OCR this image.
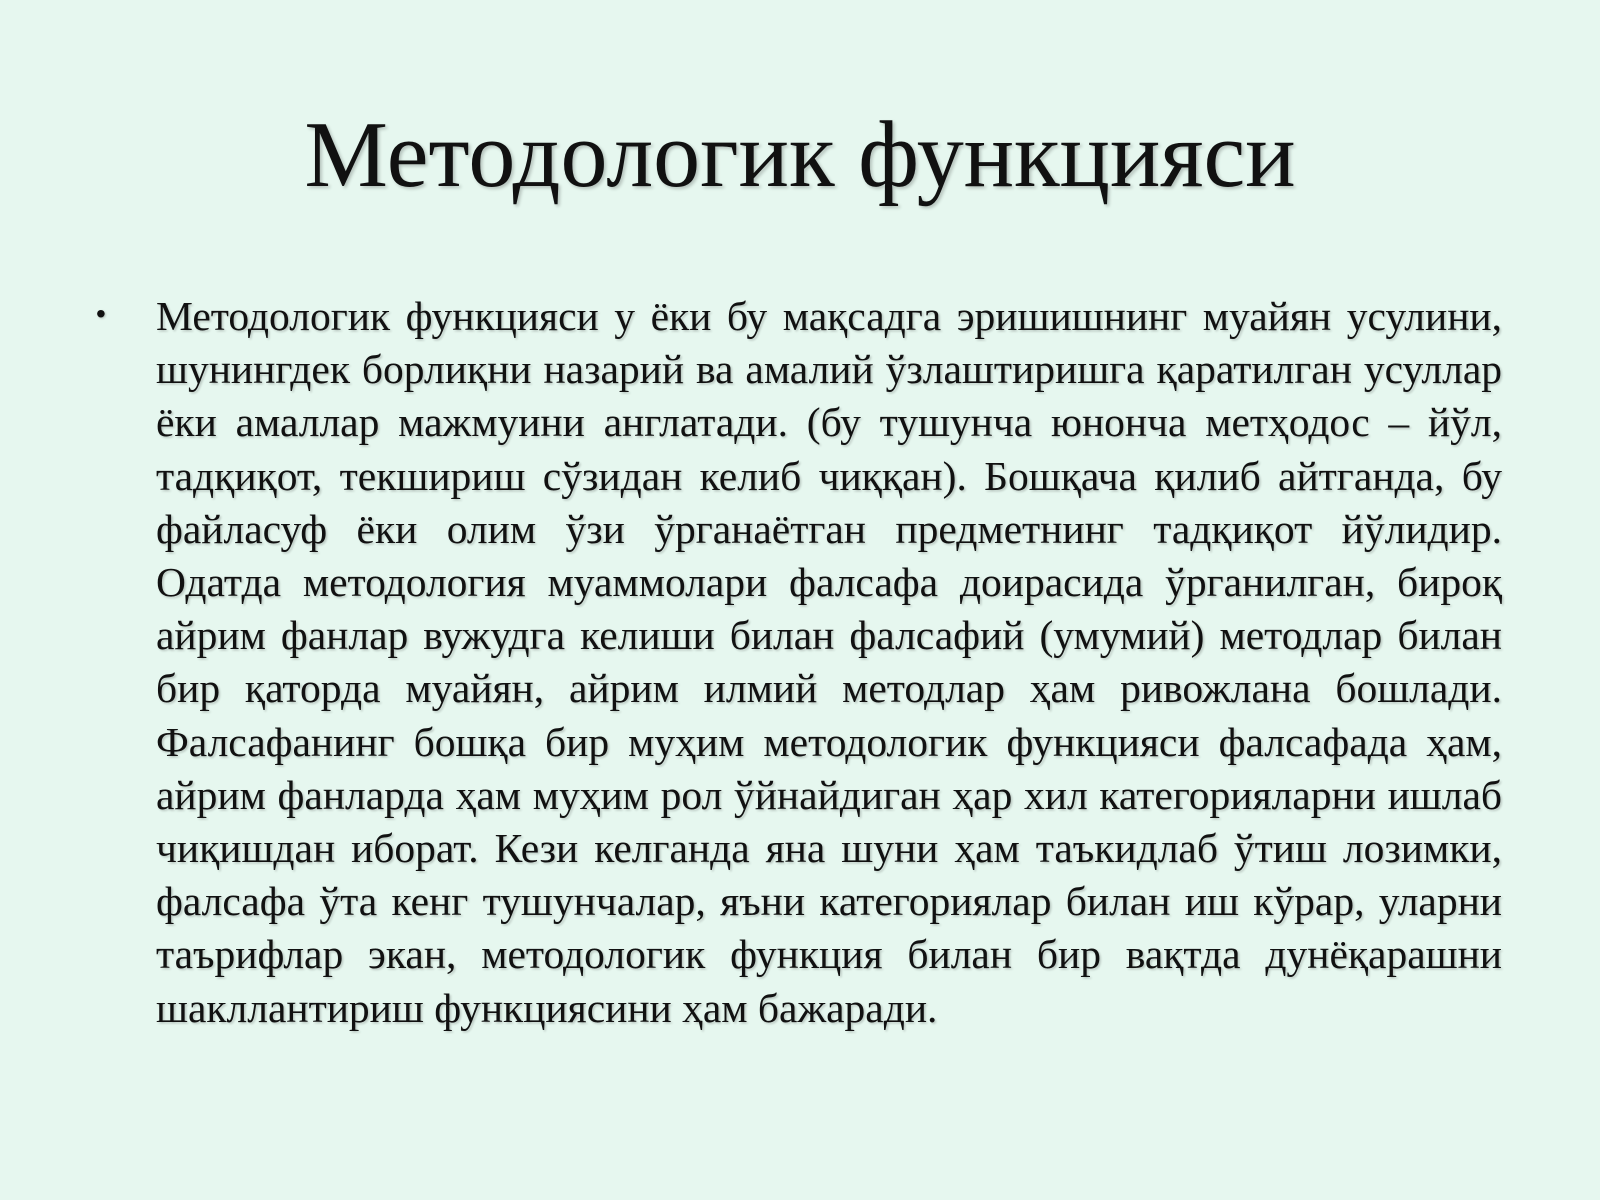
Методологик функцияси
• Методологик функцияси у ёки бу мақсадга эришишнинг муайян усулини, шунингдек борлиқни назарий ва амалий ўзлаштиришга қаратилган усуллар ёки амаллар мажмуини англатади. (бу тушунча юнонча метҳодос – йўл, тадқиқот, текшириш сўзидан келиб чиққан). Бошқача қилиб айтганда, бу файласуф ёки олим ўзи ўрганаётган предметнинг тадқиқот йўлидир. Одатда методология муаммолари фалсафа доирасида ўрганилган, бироқ айрим фанлар вужудга келиши билан фалсафий (умумий) методлар билан бир қаторда муайян, айрим илмий методлар ҳам ривожлана бошлади. Фалсафанинг бошқа бир муҳим методологик функцияси фалсафада ҳам, айрим фанларда ҳам муҳим рол ўйнайдиган ҳар хил категорияларни ишлаб чиқишдан иборат. Кези келганда яна шуни ҳам таъкидлаб ўтиш лозимки, фалсафа ўта кенг тушунчалар, яъни категориялар билан иш кўрар, уларни таърифлар экан, методологик функция билан бир вақтда дунёқарашни шакллантириш функциясини ҳам бажаради.
